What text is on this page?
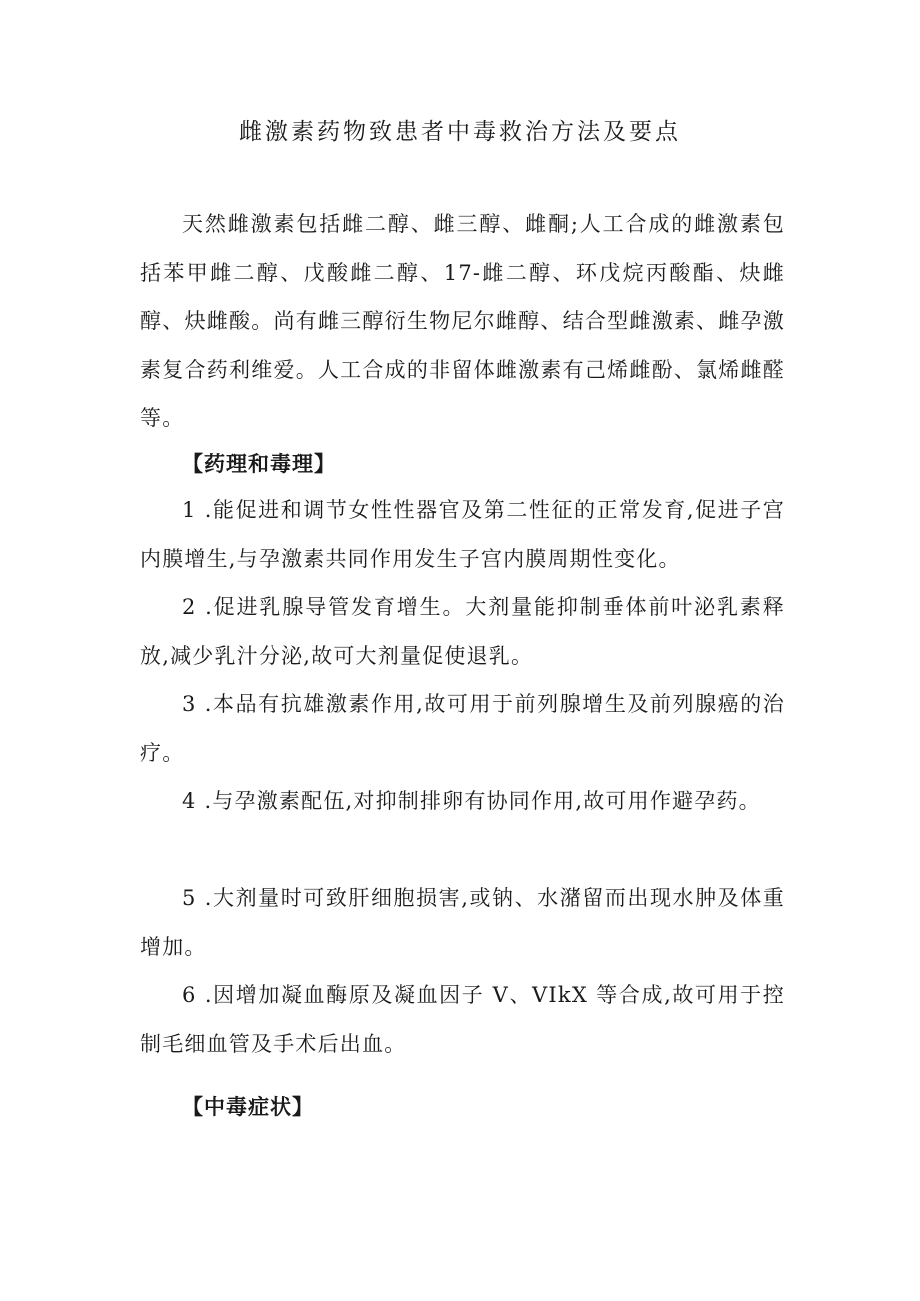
雌激素药物致患者中毒救治方法及要点

天然雌激素包括雌二醇、雌三醇、雌酮;人工合成的雌激素包括苯甲雌二醇、戊酸雌二醇、17-雌二醇、环戊烷丙酸酯、炔雌醇、炔雌酸。尚有雌三醇衍生物尼尔雌醇、结合型雌激素、雌孕激素复合药利维爱。人工合成的非留体雌激素有己烯雌酚、氯烯雌醛等。

【药理和毒理】

1 .能促进和调节女性性器官及第二性征的正常发育,促进子宫内膜增生,与孕激素共同作用发生子宫内膜周期性变化。

2 .促进乳腺导管发育增生。大剂量能抑制垂体前叶泌乳素释放,减少乳汁分泌,故可大剂量促使退乳。

3 .本品有抗雄激素作用,故可用于前列腺增生及前列腺癌的治疗。

4 .与孕激素配伍,对抑制排卵有协同作用,故可用作避孕药。

5 .大剂量时可致肝细胞损害,或钠、水潴留而出现水肿及体重增加。

6 .因增加凝血酶原及凝血因子 V、VIkX 等合成,故可用于控制毛细血管及手术后出血。

【中毒症状】
